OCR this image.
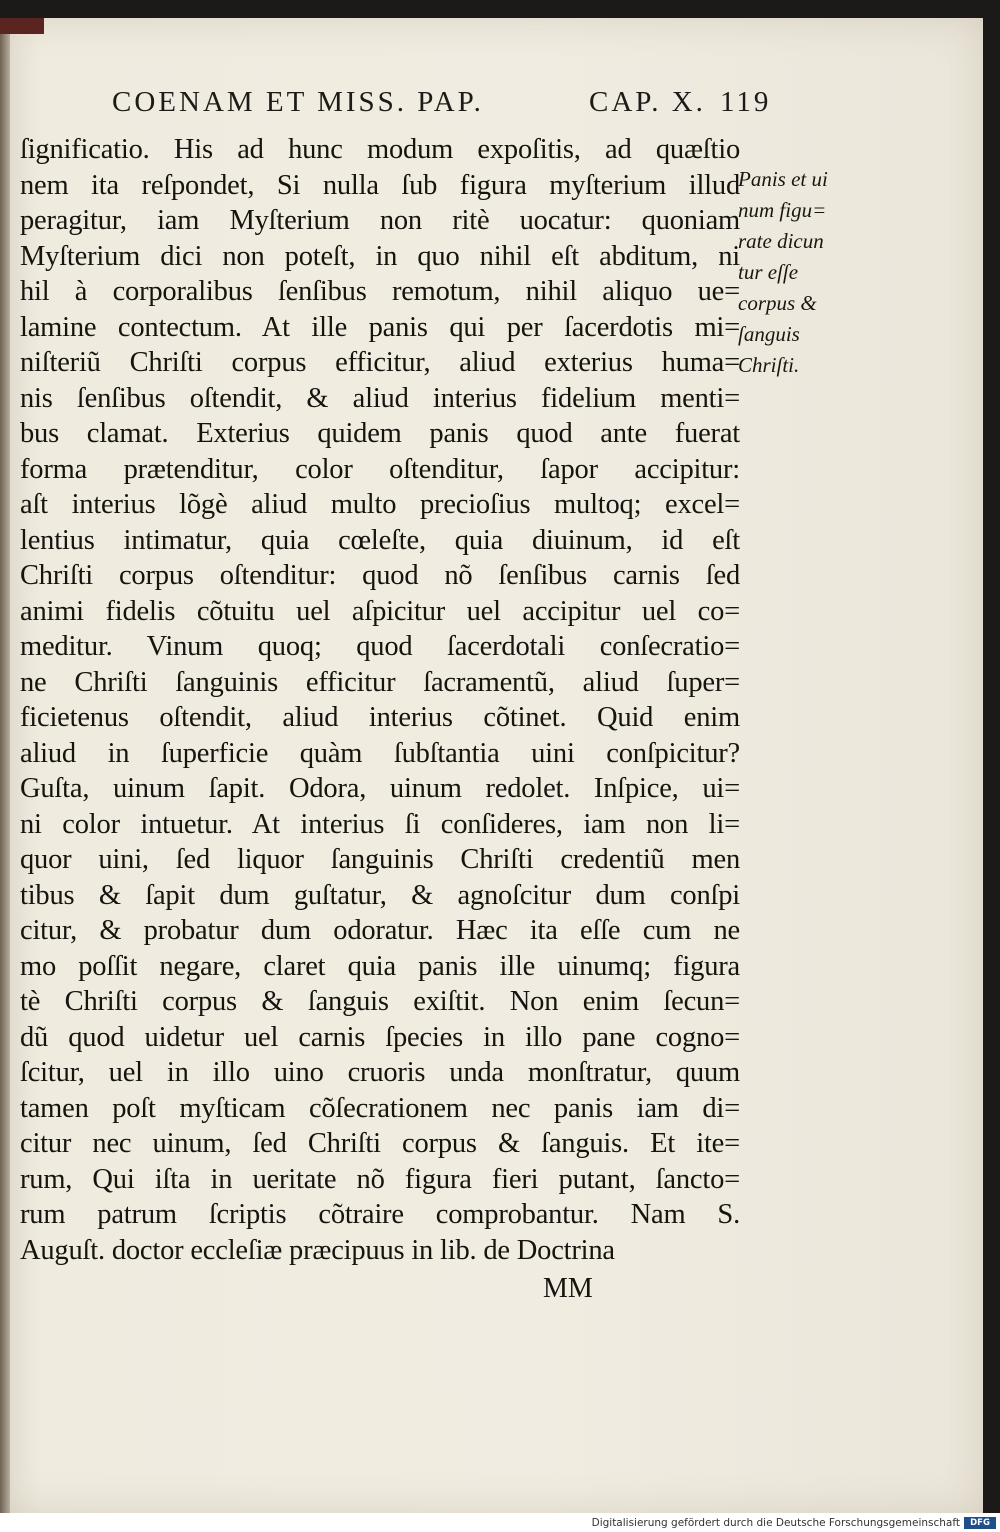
COENAM ET MISS. PAP.	CAP. X. 119
ſignificatio. His ad hunc modum expoſitis, ad quæſtio
nem ita reſpondet, Si nulla ſub figura myſterium illud
peragitur, iam Myſterium non ritè uocatur: quoniam
Myſterium dici non poteſt, in quo nihil eſt abditum, ni
hil à corporalibus ſenſibus remotum, nihil aliquo ue=
lamine contectum. At ille panis qui per ſacerdotis mi=
niſteriũ Chriſti corpus efficitur, aliud exterius huma=
nis ſenſibus oſtendit, & aliud interius fidelium menti=
bus clamat. Exterius quidem panis quod ante fuerat
forma prætenditur, color oſtenditur, ſapor accipitur:
aſt interius lõgè aliud multo precioſius multoq; excel=
lentius intimatur, quia cœleſte, quia diuinum, id eſt
Chriſti corpus oſtenditur: quod nõ ſenſibus carnis ſed
animi fidelis cõtuitu uel aſpicitur uel accipitur uel co=
meditur. Vinum quoq; quod ſacerdotali conſecratio=
ne Chriſti ſanguinis efficitur ſacramentũ, aliud ſuper=
ficietenus oſtendit, aliud interius cõtinet. Quid enim
aliud in ſuperficie quàm ſubſtantia uini conſpicitur?
Guſta, uinum ſapit. Odora, uinum redolet. Inſpice, ui=
ni color intuetur. At interius ſi conſideres, iam non li=
quor uini, ſed liquor ſanguinis Chriſti credentiũ men
tibus & ſapit dum guſtatur, & agnoſcitur dum conſpi
citur, & probatur dum odoratur. Hæc ita eſſe cum ne
mo poſſit negare, claret quia panis ille uinumq; figura
tè Chriſti corpus & ſanguis exiſtit. Non enim ſecun=
dũ quod uidetur uel carnis ſpecies in illo pane cogno=
ſcitur, uel in illo uino cruoris unda monſtratur, quum
tamen poſt myſticam cõſecrationem nec panis iam di=
citur nec uinum, ſed Chriſti corpus & ſanguis. Et ite=
rum, Qui iſta in ueritate nõ figura fieri putant, ſancto=
rum patrum ſcriptis cõtraire comprobantur. Nam S.
Auguſt. doctor eccleſiæ præcipuus in lib. de Doctrina
Panis et ui
num figu=
rate dicun
tur eſſe
corpus &
ſanguis
Chriſti.
MM
Digitalisierung gefördert durch die Deutsche Forschungsgemeinschaft	DFG
